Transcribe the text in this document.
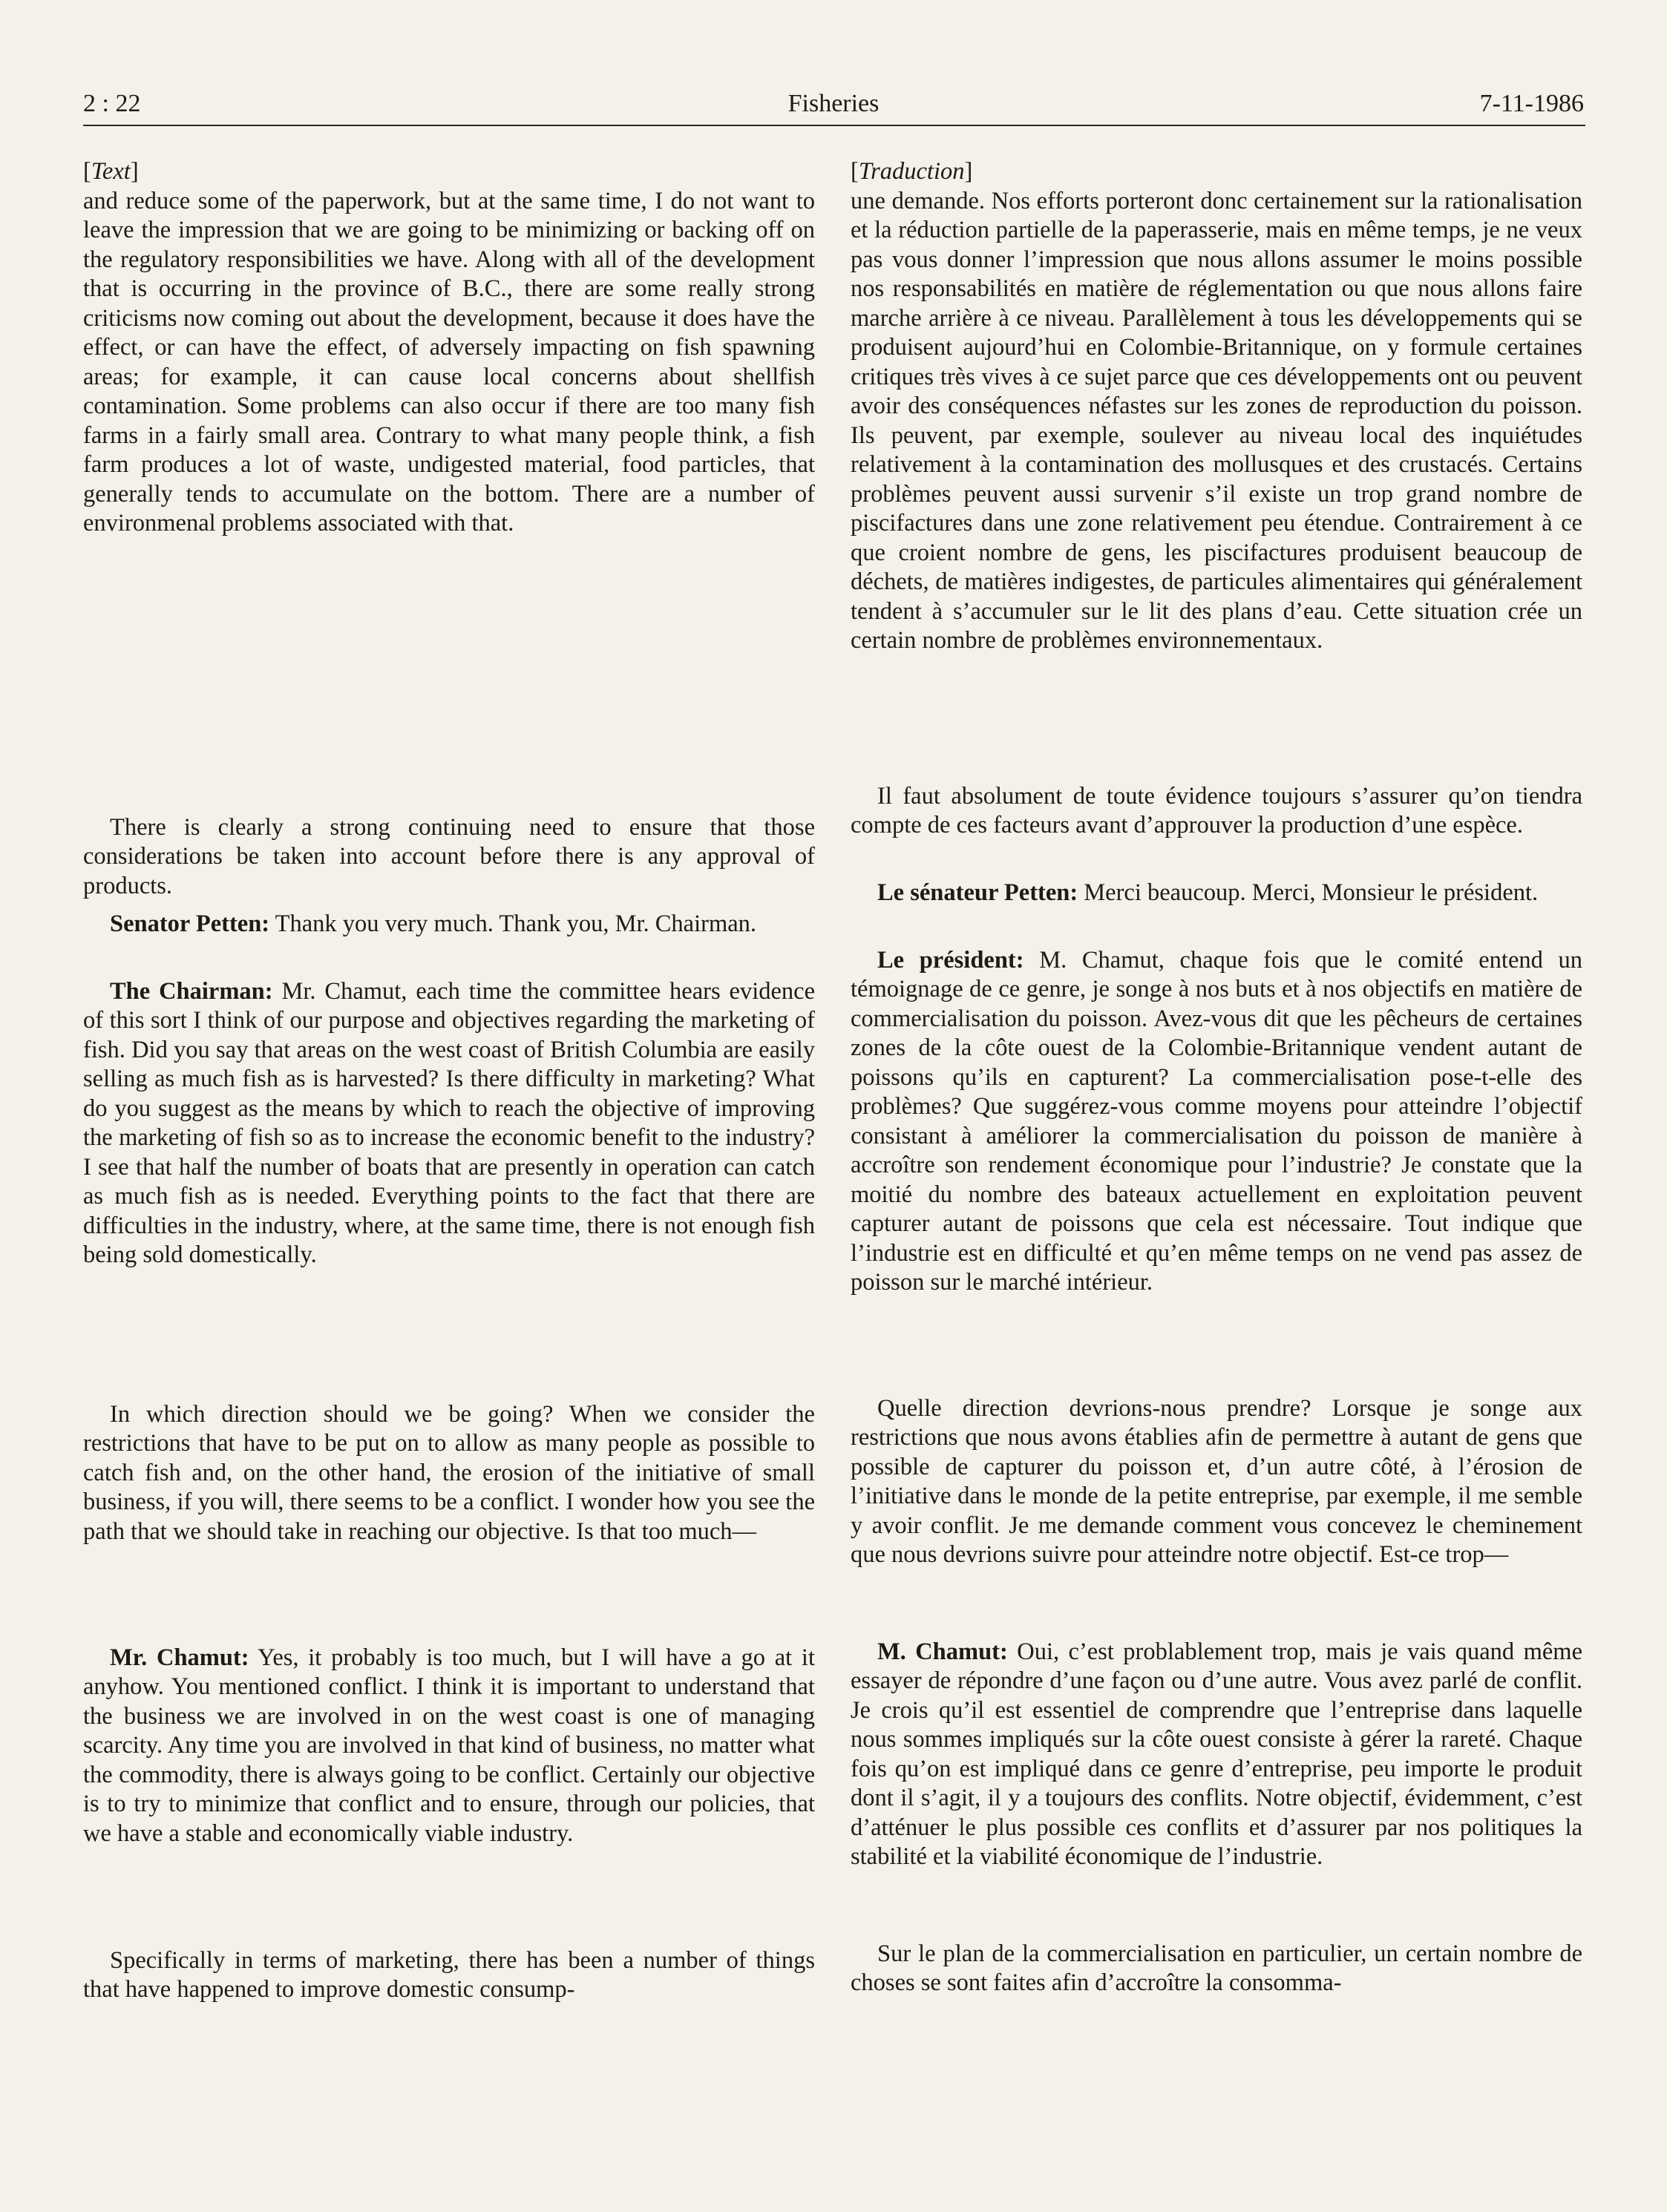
2 : 22	Fisheries	7-11-1986

[Text]

and reduce some of the paperwork, but at the same time, I do not want to leave the impression that we are going to be minimizing or backing off on the regulatory responsibilities we have. Along with all of the development that is occurring in the province of B.C., there are some really strong criticisms now coming out about the development, because it does have the effect, or can have the effect, of adversely impacting on fish spawning areas; for example, it can cause local concerns about shellfish contamination. Some problems can also occur if there are too many fish farms in a fairly small area. Contrary to what many people think, a fish farm produces a lot of waste, undigested material, food particles, that generally tends to accumulate on the bottom. There are a number of environmenal problems associated with that.

There is clearly a strong continuing need to ensure that those considerations be taken into account before there is any approval of products.

Senator Petten: Thank you very much. Thank you, Mr. Chairman.

The Chairman: Mr. Chamut, each time the committee hears evidence of this sort I think of our purpose and objectives regarding the marketing of fish. Did you say that areas on the west coast of British Columbia are easily selling as much fish as is harvested? Is there difficulty in marketing? What do you suggest as the means by which to reach the objective of improving the marketing of fish so as to increase the economic benefit to the industry? I see that half the number of boats that are presently in operation can catch as much fish as is needed. Everything points to the fact that there are difficulties in the industry, where, at the same time, there is not enough fish being sold domestically.

In which direction should we be going? When we consider the restrictions that have to be put on to allow as many people as possible to catch fish and, on the other hand, the erosion of the initiative of small business, if you will, there seems to be a conflict. I wonder how you see the path that we should take in reaching our objective. Is that too much—

Mr. Chamut: Yes, it probably is too much, but I will have a go at it anyhow. You mentioned conflict. I think it is important to understand that the business we are involved in on the west coast is one of managing scarcity. Any time you are involved in that kind of business, no matter what the commodity, there is always going to be conflict. Certainly our objective is to try to minimize that conflict and to ensure, through our policies, that we have a stable and economically viable industry.

Specifically in terms of marketing, there has been a number of things that have happened to improve domestic consump-

[Traduction]

une demande. Nos efforts porteront donc certainement sur la rationalisation et la réduction partielle de la paperasserie, mais en même temps, je ne veux pas vous donner l’impression que nous allons assumer le moins possible nos responsabilités en matière de réglementation ou que nous allons faire marche arrière à ce niveau. Parallèlement à tous les développements qui se produisent aujourd’hui en Colombie-Britannique, on y formule certaines critiques très vives à ce sujet parce que ces développements ont ou peuvent avoir des conséquences néfastes sur les zones de reproduction du poisson. Ils peuvent, par exemple, soulever au niveau local des inquiétudes relativement à la contamination des mollusques et des crustacés. Certains problèmes peuvent aussi survenir s’il existe un trop grand nombre de piscifactures dans une zone relativement peu étendue. Contrairement à ce que croient nombre de gens, les piscifactures produisent beaucoup de déchets, de matières indigestes, de particules alimentaires qui généralement tendent à s’accumuler sur le lit des plans d’eau. Cette situation crée un certain nombre de problèmes environnementaux.

Il faut absolument de toute évidence toujours s’assurer qu’on tiendra compte de ces facteurs avant d’approuver la production d’une espèce.

Le sénateur Petten: Merci beaucoup. Merci, Monsieur le président.

Le président: M. Chamut, chaque fois que le comité entend un témoignage de ce genre, je songe à nos buts et à nos objectifs en matière de commercialisation du poisson. Avez-vous dit que les pêcheurs de certaines zones de la côte ouest de la Colombie-Britannique vendent autant de poissons qu’ils en capturent? La commercialisation pose-t-elle des problèmes? Que suggérez-vous comme moyens pour atteindre l’objectif consistant à améliorer la commercialisation du poisson de manière à accroître son rendement économique pour l’industrie? Je constate que la moitié du nombre des bateaux actuellement en exploitation peuvent capturer autant de poissons que cela est nécessaire. Tout indique que l’industrie est en difficulté et qu’en même temps on ne vend pas assez de poisson sur le marché intérieur.

Quelle direction devrions-nous prendre? Lorsque je songe aux restrictions que nous avons établies afin de permettre à autant de gens que possible de capturer du poisson et, d’un autre côté, à l’érosion de l’initiative dans le monde de la petite entreprise, par exemple, il me semble y avoir conflit. Je me demande comment vous concevez le cheminement que nous devrions suivre pour atteindre notre objectif. Est-ce trop—

M. Chamut: Oui, c’est problablement trop, mais je vais quand même essayer de répondre d’une façon ou d’une autre. Vous avez parlé de conflit. Je crois qu’il est essentiel de comprendre que l’entreprise dans laquelle nous sommes impliqués sur la côte ouest consiste à gérer la rareté. Chaque fois qu’on est impliqué dans ce genre d’entreprise, peu importe le produit dont il s’agit, il y a toujours des conflits. Notre objectif, évidemment, c’est d’atténuer le plus possible ces conflits et d’assurer par nos politiques la stabilité et la viabilité économique de l’industrie.

Sur le plan de la commercialisation en particulier, un certain nombre de choses se sont faites afin d’accroître la consomma-
